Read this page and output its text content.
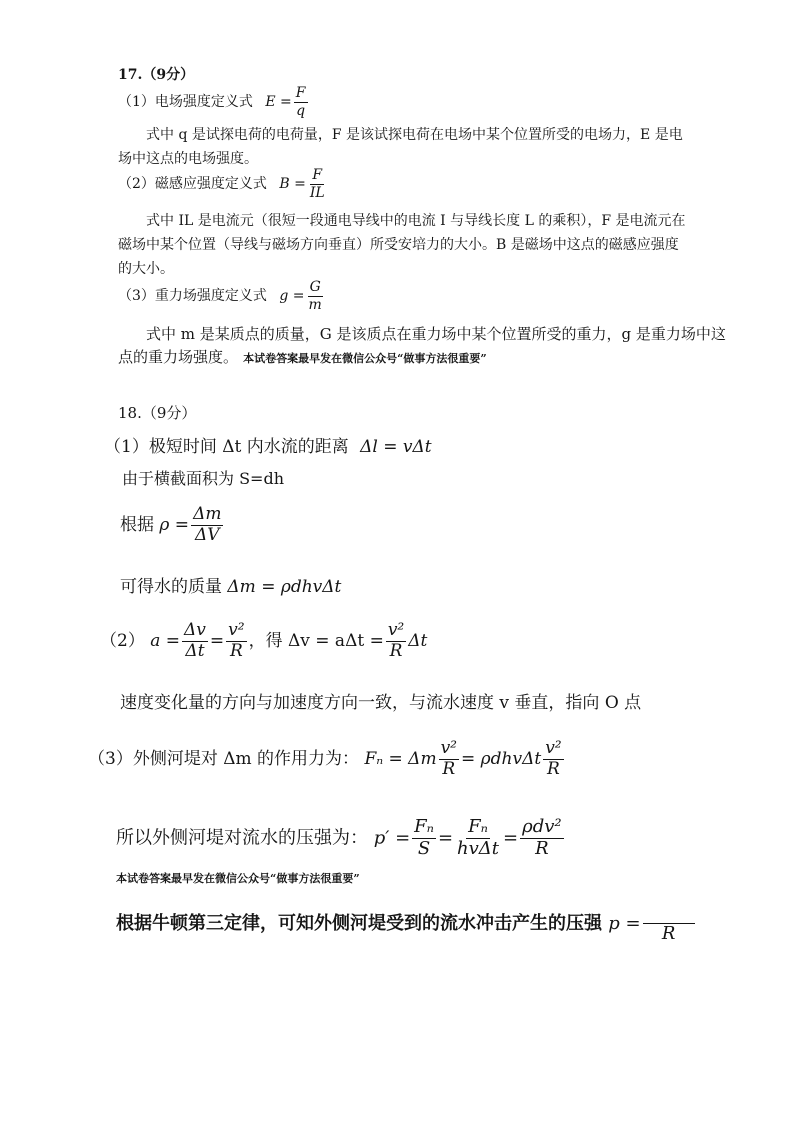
17.（9分）
（1）电场强度定义式 $E = \frac{F}{q}$
式中 q 是试探电荷的电荷量，F 是该试探电荷在电场中某个位置所受的电场力，E 是电
场中这点的电场强度。
（2）磁感应强度定义式 $B = \frac{F}{IL}$
式中 IL 是电流元（很短一段通电导线中的电流 I 与导线长度 L 的乘积），F 是电流元在
磁场中某个位置（导线与磁场方向垂直）所受安培力的大小。B 是磁场中这点的磁感应强度
的大小。
（3）重力场强度定义式 $g = \frac{G}{m}$
式中 m 是某质点的质量，G 是该质点在重力场中某个位置所受的重力，g 是重力场中这
点的重力场强度。 本试卷答案最早发在微信公众号“做事方法很重要”
18.（9分）
（1）极短时间 Δt 内水流的距离 Δl = vΔt
由于横截面积为 S=dh
根据 $\rho = \frac{\Delta m}{\Delta V}$
可得水的质量 Δm = ρdhvΔt
（2） $a = \frac{\Delta v}{\Delta t} = \frac{\text{v²}}{R}$ ，得 $\Delta v = a\Delta t = \frac{\text{v²}}{R}$ Δt
速度变化量的方向与加速度方向一致，与流水速度 v 垂直，指向 O 点
（3）外侧河堤对 Δm 的作用力为： Fₙ = Δm $\frac{\text{v²}}{R} = \rho dhv\Delta t \frac{\text{v²}}{R}$
所以外侧河堤对流水的压强为： $p' = \frac{\text{Fₙ}}{S} = \frac{\text{Fₙ}}{\text{hvΔt}} = \frac{\text{ρdv²}}{R}$
本试卷答案最早发在微信公众号“做事方法很重要”
根据牛顿第三定律，可知外侧河堤受到的流水冲击产生的压强 p = R
